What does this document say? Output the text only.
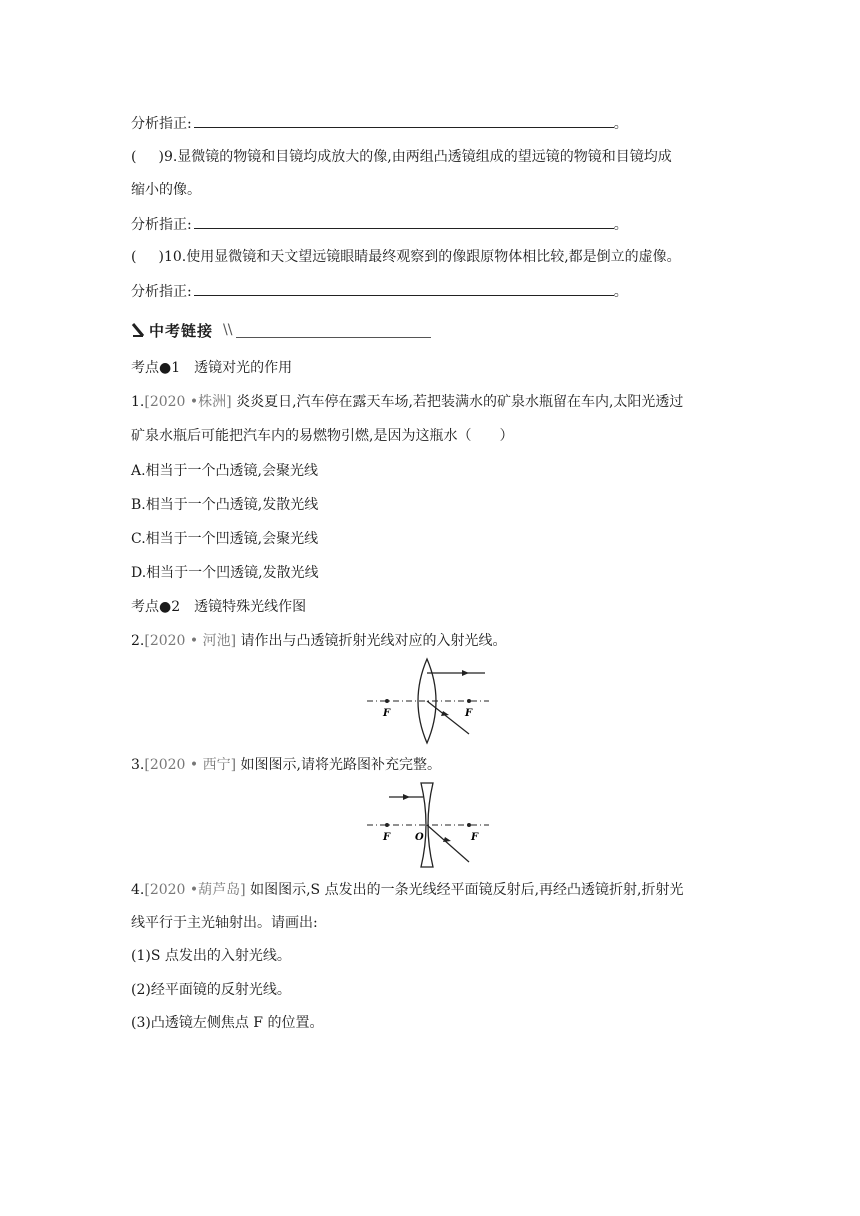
分析指正:	。
( )9.显微镜的物镜和目镜均成放大的像,由两组凸透镜组成的望远镜的物镜和目镜均成
缩小的像。
分析指正:	。
( )10.使用显微镜和天文望远镜眼睛最终观察到的像跟原物体相比较,都是倒立的虚像。
分析指正:	。
中考链接 \\
考点●1　透镜对光的作用
1.[2020 •株洲] 炎炎夏日,汽车停在露天车场,若把装满水的矿泉水瓶留在车内,太阳光透过
矿泉水瓶后可能把汽车内的易燃物引燃,是因为这瓶水（　　）
A.相当于一个凸透镜,会聚光线
B.相当于一个凸透镜,发散光线
C.相当于一个凹透镜,会聚光线
D.相当于一个凹透镜,发散光线
考点●2　透镜特殊光线作图
2.[2020 • 河池] 请作出与凸透镜折射光线对应的入射光线。
F	F
3.[2020 • 西宁] 如图图示,请将光路图补充完整。
F O	F
4.[2020 •葫芦岛] 如图图示,S 点发出的一条光线经平面镜反射后,再经凸透镜折射,折射光
线平行于主光轴射出。请画出:
(1)S 点发出的入射光线。
(2)经平面镜的反射光线。
(3)凸透镜左侧焦点 F 的位置。
